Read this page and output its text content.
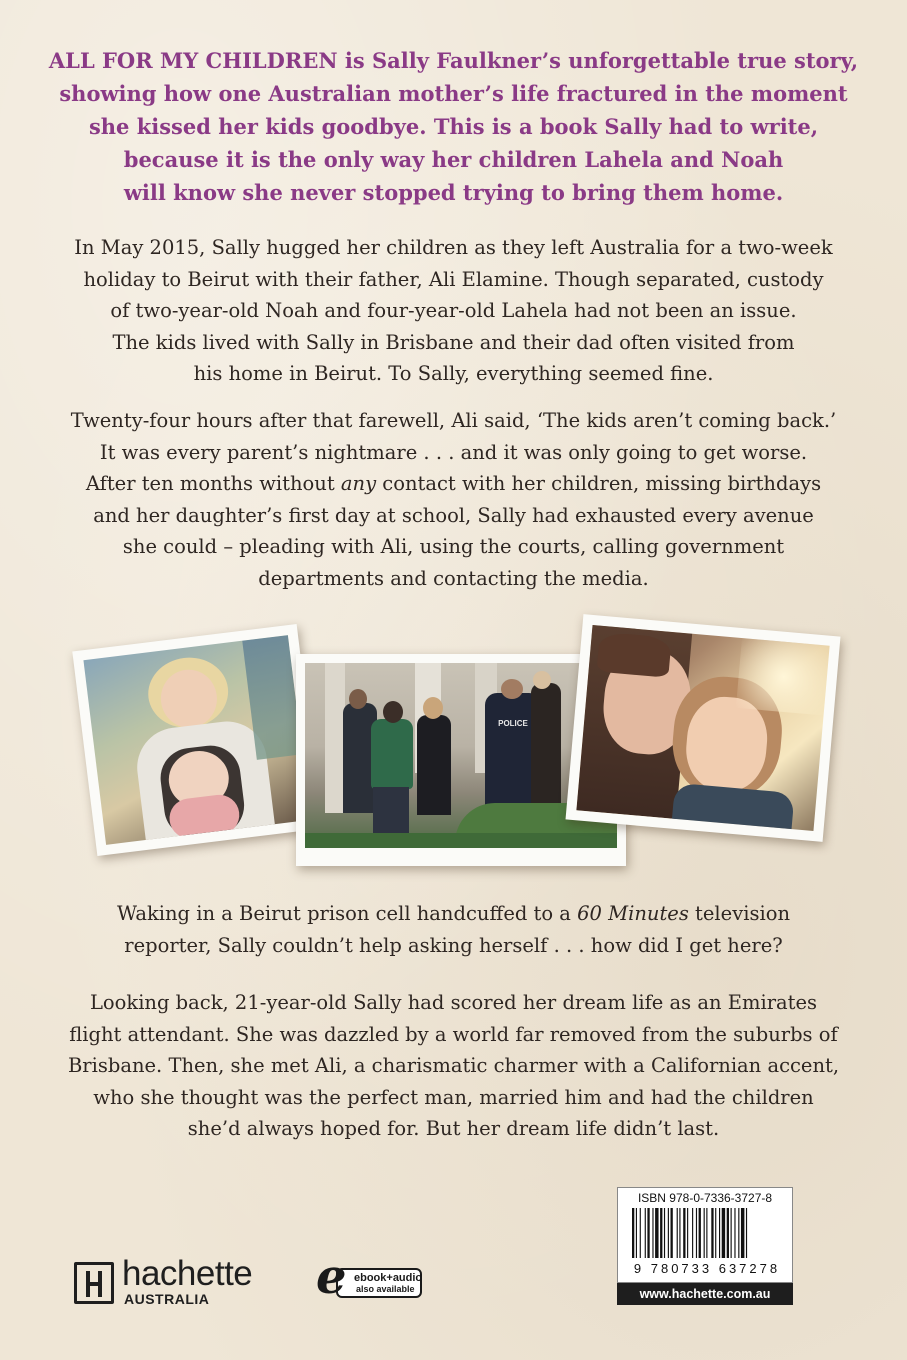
ALL FOR MY CHILDREN is Sally Faulkner’s unforgettable true story,
showing how one Australian mother’s life fractured in the moment
she kissed her kids goodbye. This is a book Sally had to write,
because it is the only way her children Lahela and Noah
will know she never stopped trying to bring them home.
In May 2015, Sally hugged her children as they left Australia for a two-week
holiday to Beirut with their father, Ali Elamine. Though separated, custody
of two-year-old Noah and four-year-old Lahela had not been an issue.
The kids lived with Sally in Brisbane and their dad often visited from
his home in Beirut. To Sally, everything seemed fine.
Twenty-four hours after that farewell, Ali said, ‘The kids aren’t coming back.’
It was every parent’s nightmare . . . and it was only going to get worse.
After ten months without any contact with her children, missing birthdays
and her daughter’s first day at school, Sally had exhausted every avenue
she could – pleading with Ali, using the courts, calling government
departments and contacting the media.
POLICE
Waking in a Beirut prison cell handcuffed to a 60 Minutes television
reporter, Sally couldn’t help asking herself . . . how did I get here?
Looking back, 21-year-old Sally had scored her dream life as an Emirates
flight attendant. She was dazzled by a world far removed from the suburbs of
Brisbane. Then, she met Ali, a charismatic charmer with a Californian accent,
who she thought was the perfect man, married him and had the children
she’d always hoped for. But her dream life didn’t last.
hachette
AUSTRALIA
ebook+audio
also available
e
ISBN 978-0-7336-3727-8
9 780733 637278
www.hachette.com.au
